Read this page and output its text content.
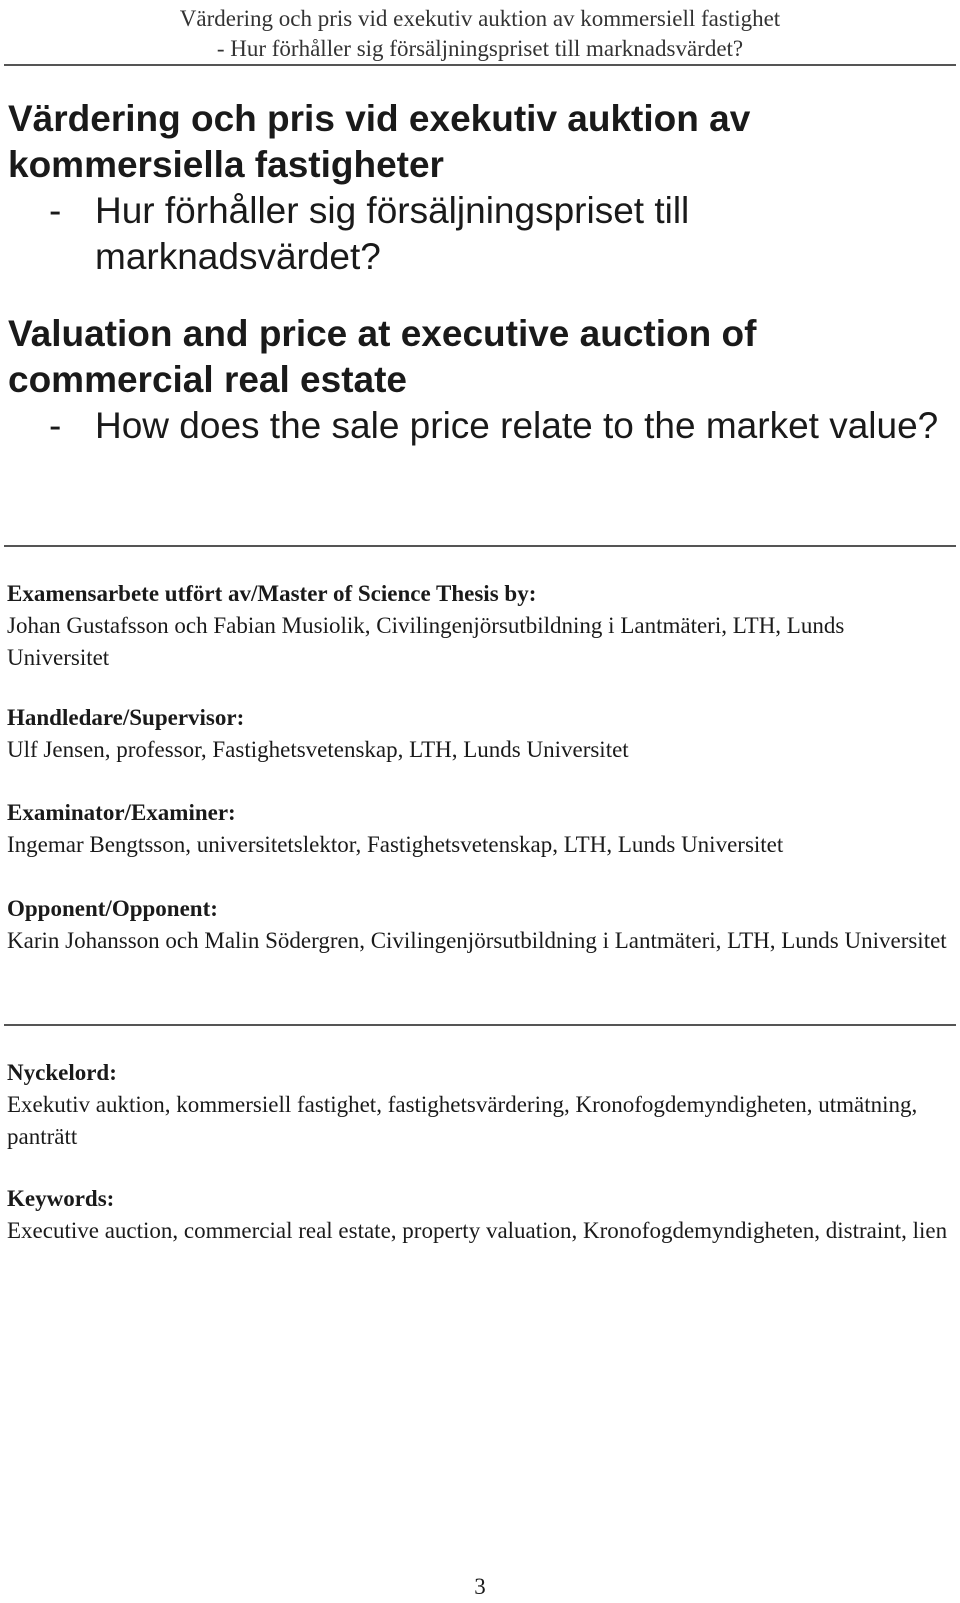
Värdering och pris vid exekutiv auktion av kommersiell fastighet
- Hur förhåller sig försäljningspriset till marknadsvärdet?
Värdering och pris vid exekutiv auktion av kommersiella fastigheter
- Hur förhåller sig försäljningspriset till marknadsvärdet?
Valuation and price at executive auction of commercial real estate
- How does the sale price relate to the market value?
Examensarbete utfört av/Master of Science Thesis by:
Johan Gustafsson och Fabian Musiolik, Civilingenjörsutbildning i Lantmäteri, LTH, Lunds Universitet
Handledare/Supervisor:
Ulf Jensen, professor, Fastighetsvetenskap, LTH, Lunds Universitet
Examinator/Examiner:
Ingemar Bengtsson, universitetslektor, Fastighetsvetenskap, LTH, Lunds Universitet
Opponent/Opponent:
Karin Johansson och Malin Södergren, Civilingenjörsutbildning i Lantmäteri, LTH, Lunds Universitet
Nyckelord:
Exekutiv auktion, kommersiell fastighet, fastighetsvärdering, Kronofogdemyndigheten, utmätning, panträtt
Keywords:
Executive auction, commercial real estate, property valuation, Kronofogdemyndigheten, distraint, lien
3
